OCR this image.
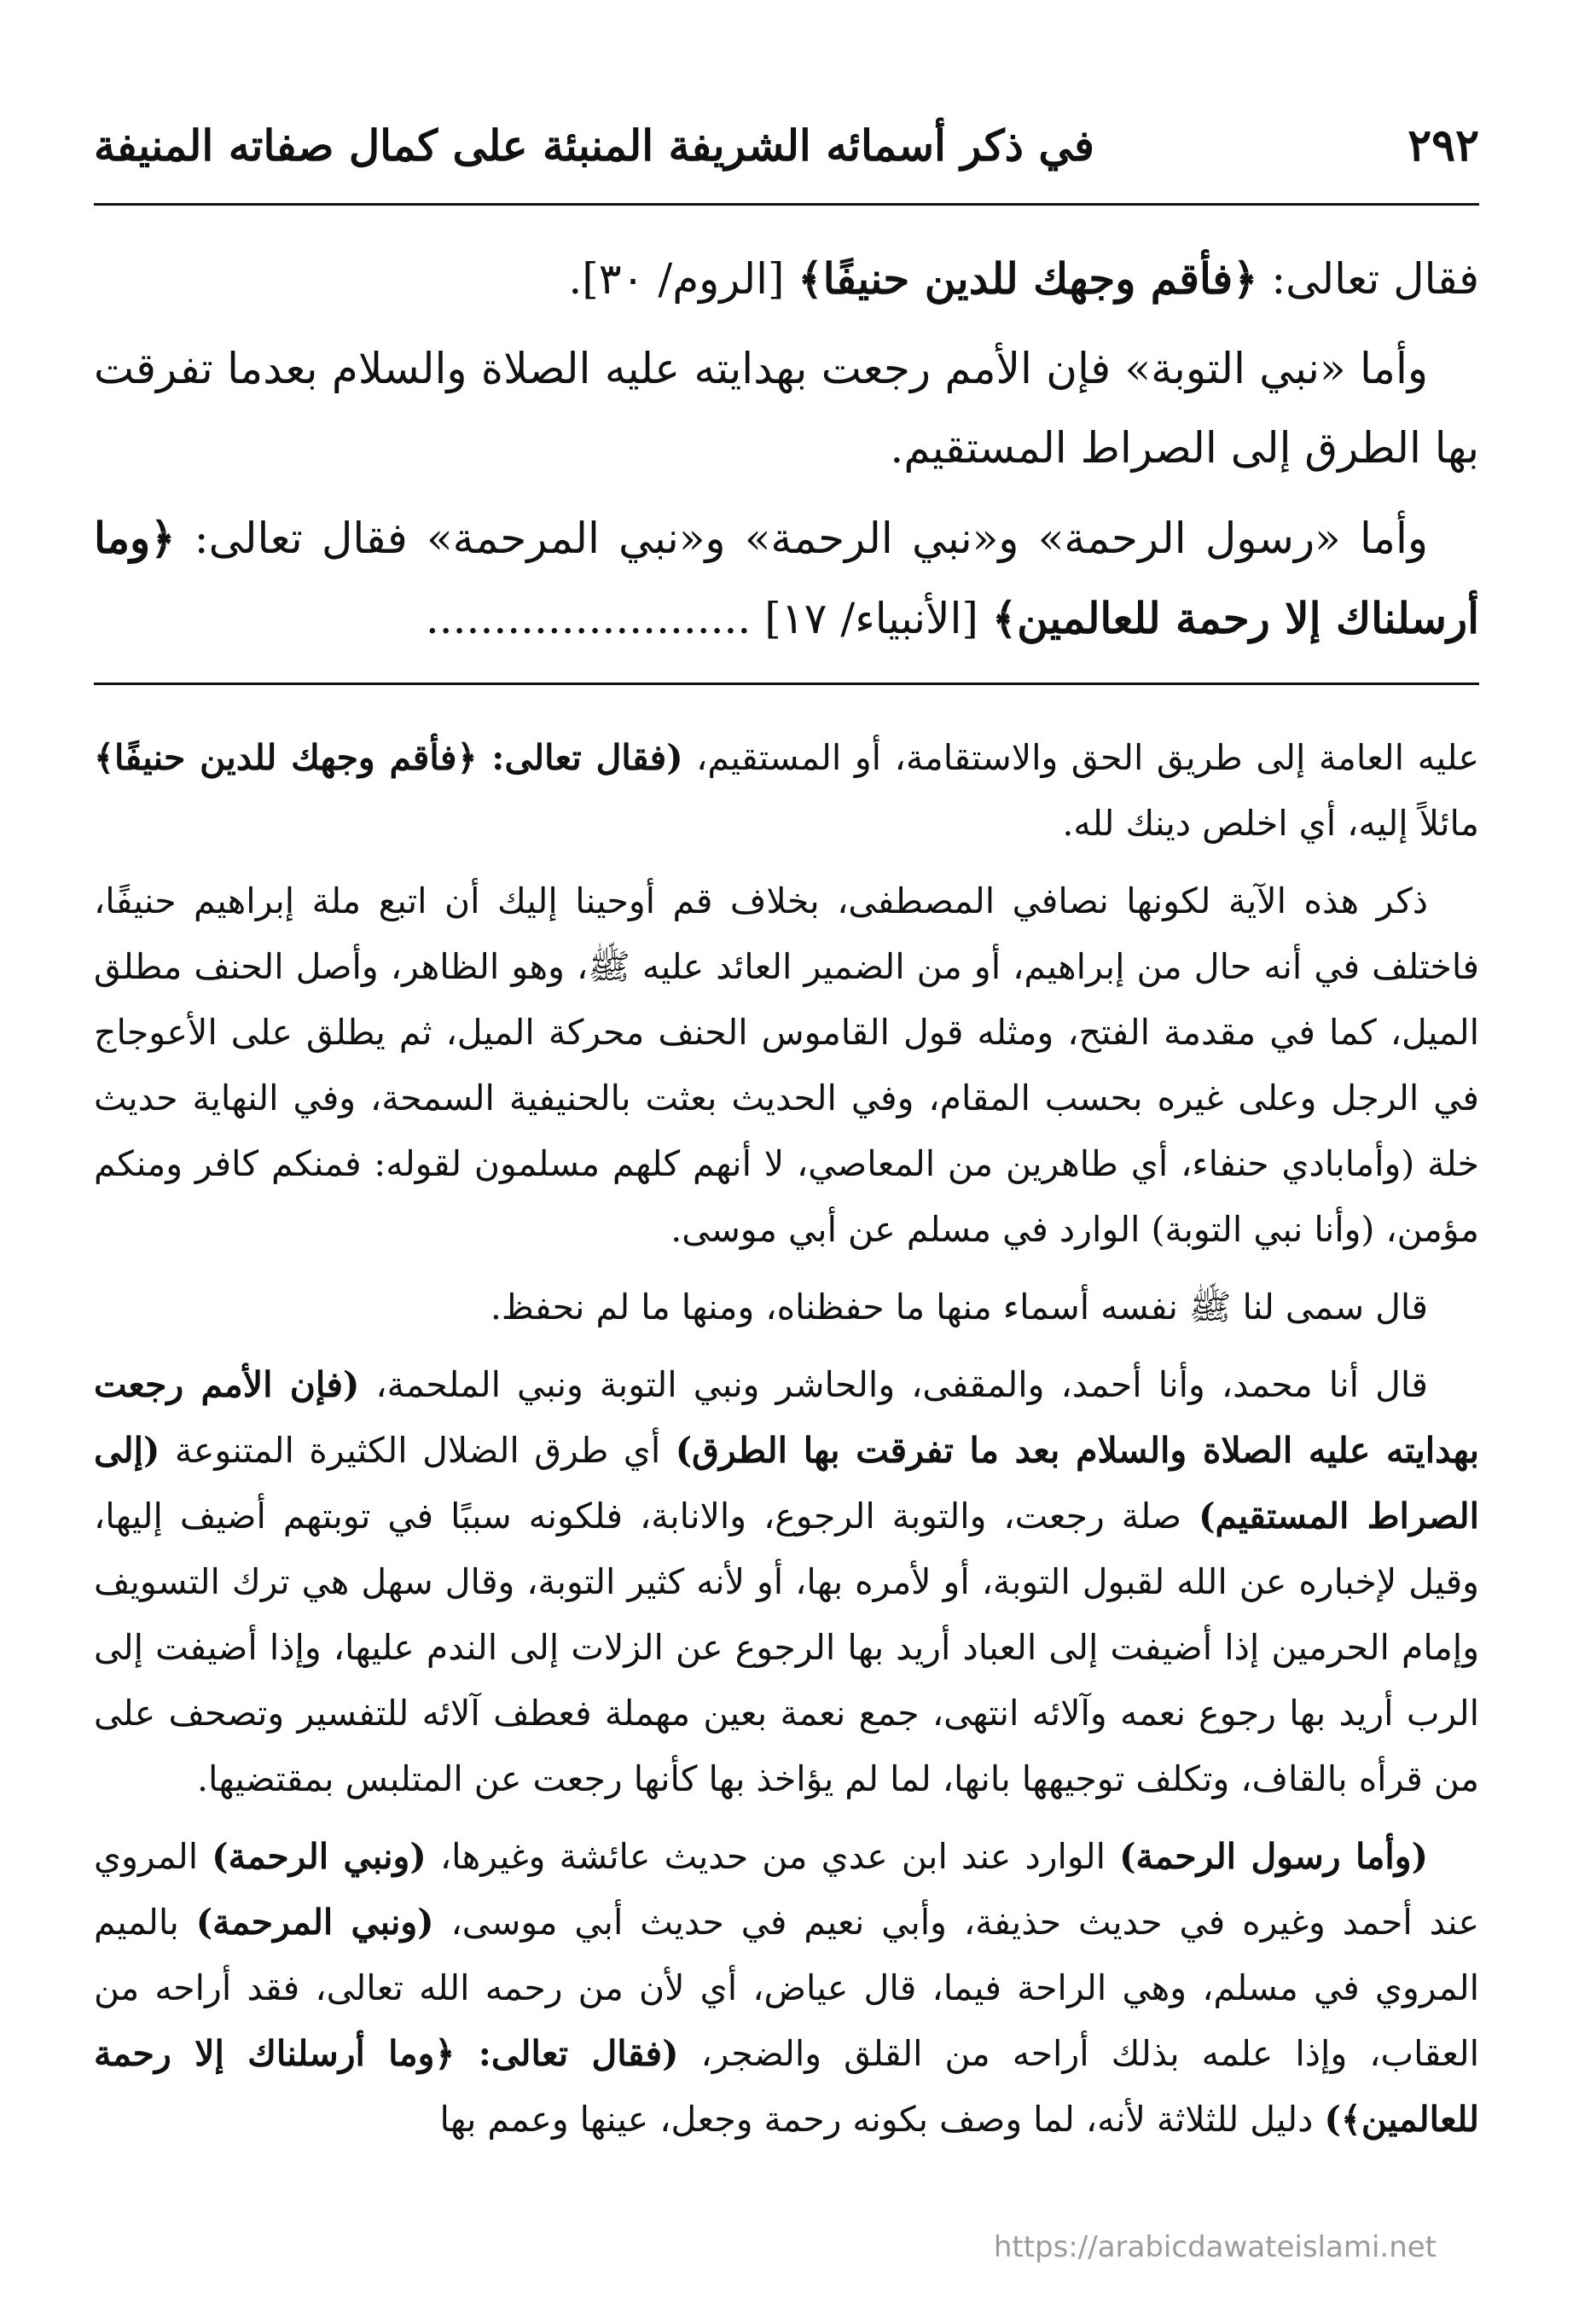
٢٩٢
في ذكر أسمائه الشريفة المنبئة على كمال صفاته المنيفة

فقال تعالى: ﴿فأقم وجهك للدين حنيفًا﴾ [الروم/ ٣٠].

وأما «نبي التوبة» فإن الأمم رجعت بهدايته عليه الصلاة والسلام بعدما تفرقت بها الطرق إلى الصراط المستقيم.

وأما «رسول الرحمة» و«نبي الرحمة» و«نبي المرحمة» فقال تعالى: ﴿وما أرسلناك إلا رحمة للعالمين﴾ [الأنبياء/ ١٧] ........................

عليه العامة إلى طريق الحق والاستقامة، أو المستقيم، (فقال تعالى: ﴿فأقم وجهك للدين حنيفًا﴾ مائلاً إليه، أي اخلص دينك لله.

ذكر هذه الآية لكونها نصافي المصطفى، بخلاف قم أوحينا إليك أن اتبع ملة إبراهيم حنيفًا، فاختلف في أنه حال من إبراهيم، أو من الضمير العائد عليه ﷺ، وهو الظاهر، وأصل الحنف مطلق الميل، كما في مقدمة الفتح، ومثله قول القاموس الحنف محركة الميل، ثم يطلق على الأعوجاج في الرجل وعلى غيره بحسب المقام، وفي الحديث بعثت بالحنيفية السمحة، وفي النهاية حديث خلة (وأمابادي حنفاء، أي طاهرين من المعاصي، لا أنهم كلهم مسلمون لقوله: فمنكم كافر ومنكم مؤمن، (وأنا نبي التوبة) الوارد في مسلم عن أبي موسى.

قال سمى لنا ﷺ نفسه أسماء منها ما حفظناه، ومنها ما لم نحفظ.

قال أنا محمد، وأنا أحمد، والمقفى، والحاشر ونبي التوبة ونبي الملحمة، (فإن الأمم رجعت بهدايته عليه الصلاة والسلام بعد ما تفرقت بها الطرق) أي طرق الضلال الكثيرة المتنوعة (إلى الصراط المستقيم) صلة رجعت، والتوبة الرجوع، والانابة، فلكونه سببًا في توبتهم أضيف إليها، وقيل لإخباره عن الله لقبول التوبة، أو لأمره بها، أو لأنه كثير التوبة، وقال سهل هي ترك التسويف وإمام الحرمين إذا أضيفت إلى العباد أريد بها الرجوع عن الزلات إلى الندم عليها، وإذا أضيفت إلى الرب أريد بها رجوع نعمه وآلائه انتهى، جمع نعمة بعين مهملة فعطف آلائه للتفسير وتصحف على من قرأه بالقاف، وتكلف توجيهها بانها، لما لم يؤاخذ بها كأنها رجعت عن المتلبس بمقتضيها.

(وأما رسول الرحمة) الوارد عند ابن عدي من حديث عائشة وغيرها، (ونبي الرحمة) المروي عند أحمد وغيره في حديث حذيفة، وأبي نعيم في حديث أبي موسى، (ونبي المرحمة) بالميم المروي في مسلم، وهي الراحة فيما، قال عياض، أي لأن من رحمه الله تعالى، فقد أراحه من العقاب، وإذا علمه بذلك أراحه من القلق والضجر، (فقال تعالى: ﴿وما أرسلناك إلا رحمة للعالمين﴾) دليل للثلاثة لأنه، لما وصف بكونه رحمة وجعل، عينها وعمم بها

https://arabicdawateislami.net
